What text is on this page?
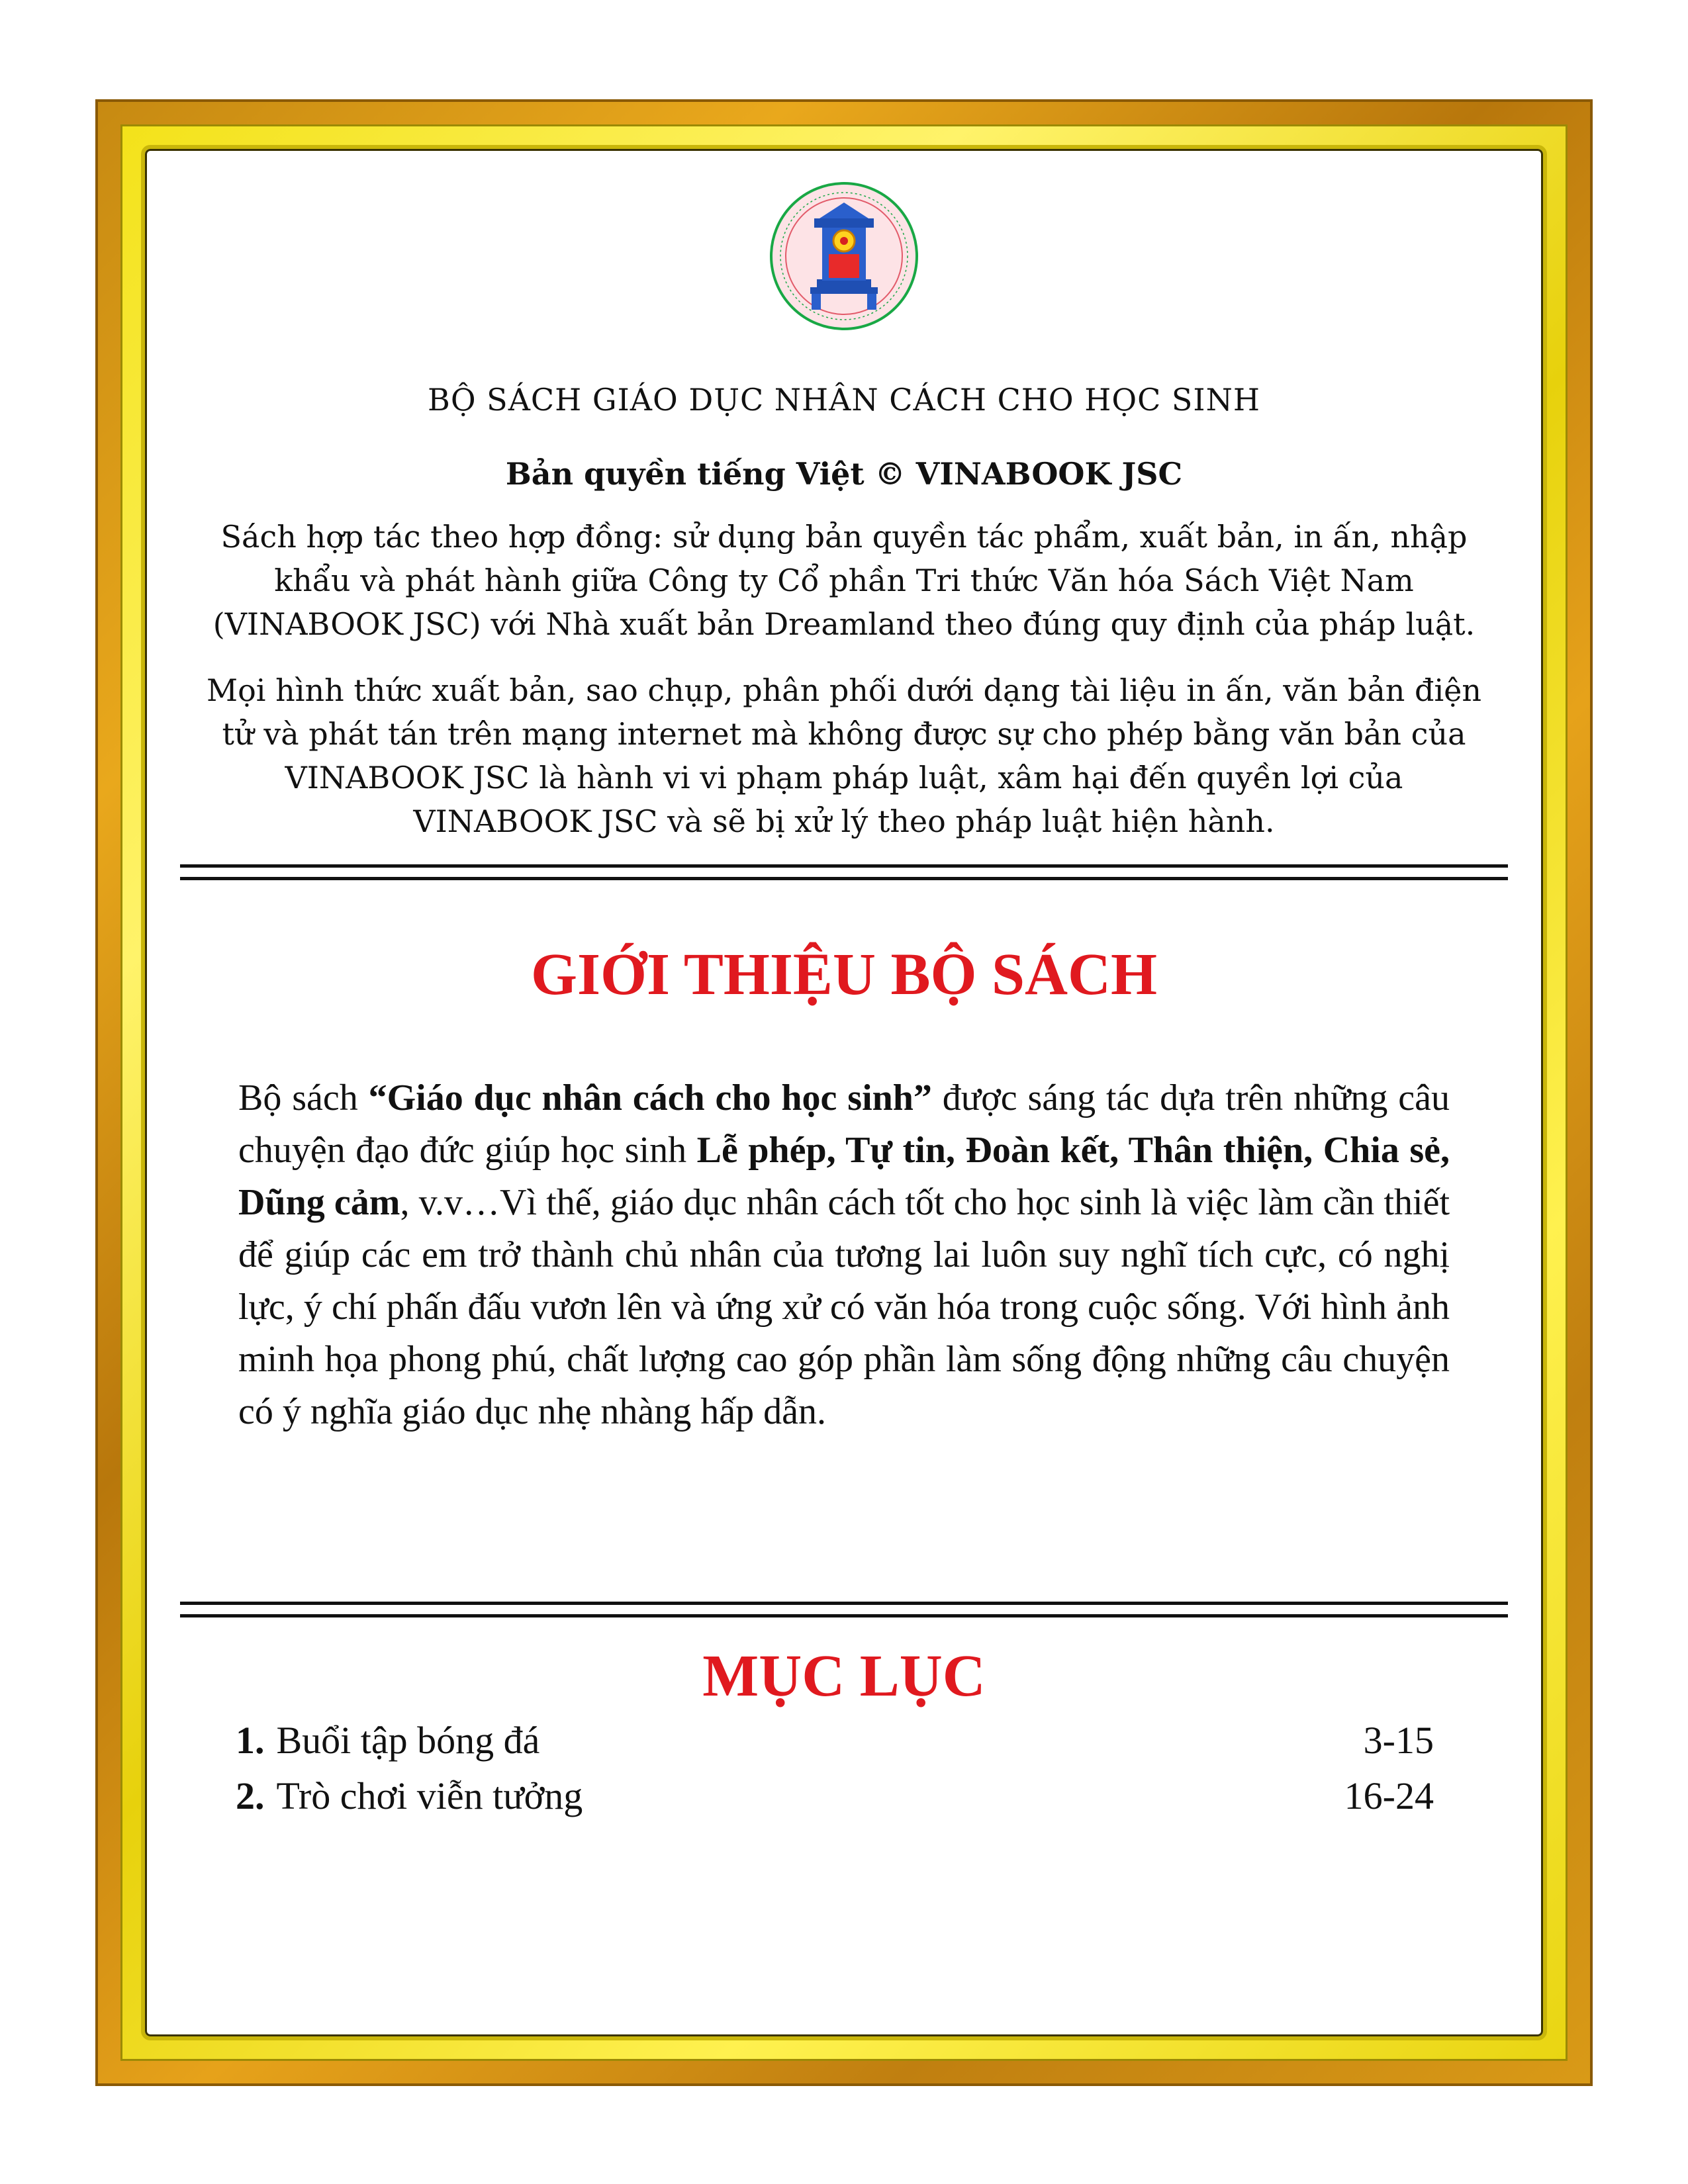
BỘ SÁCH GIÁO DỤC NHÂN CÁCH CHO HỌC SINH
Bản quyền tiếng Việt © VINABOOK JSC
Sách hợp tác theo hợp đồng: sử dụng bản quyền tác phẩm, xuất bản, in ấn, nhập khẩu và phát hành giữa Công ty Cổ phần Tri thức Văn hóa Sách Việt Nam (VINABOOK JSC) với Nhà xuất bản Dreamland theo đúng quy định của pháp luật.
Mọi hình thức xuất bản, sao chụp, phân phối dưới dạng tài liệu in ấn, văn bản điện tử và phát tán trên mạng internet mà không được sự cho phép bằng văn bản của VINABOOK JSC là hành vi vi phạm pháp luật, xâm hại đến quyền lợi của VINABOOK JSC và sẽ bị xử lý theo pháp luật hiện hành.
GIỚI THIỆU BỘ SÁCH
Bộ sách “Giáo dục nhân cách cho học sinh” được sáng tác dựa trên những câu chuyện đạo đức giúp học sinh Lễ phép, Tự tin, Đoàn kết, Thân thiện, Chia sẻ, Dũng cảm, v.v…Vì thế, giáo dục nhân cách tốt cho học sinh là việc làm cần thiết để giúp các em trở thành chủ nhân của tương lai luôn suy nghĩ tích cực, có nghị lực, ý chí phấn đấu vươn lên và ứng xử có văn hóa trong cuộc sống. Với hình ảnh minh họa phong phú, chất lượng cao góp phần làm sống động những câu chuyện có ý nghĩa giáo dục nhẹ nhàng hấp dẫn.
MỤC LỤC
1. Buổi tập bóng đá	3-15
2. Trò chơi viễn tưởng	16-24
